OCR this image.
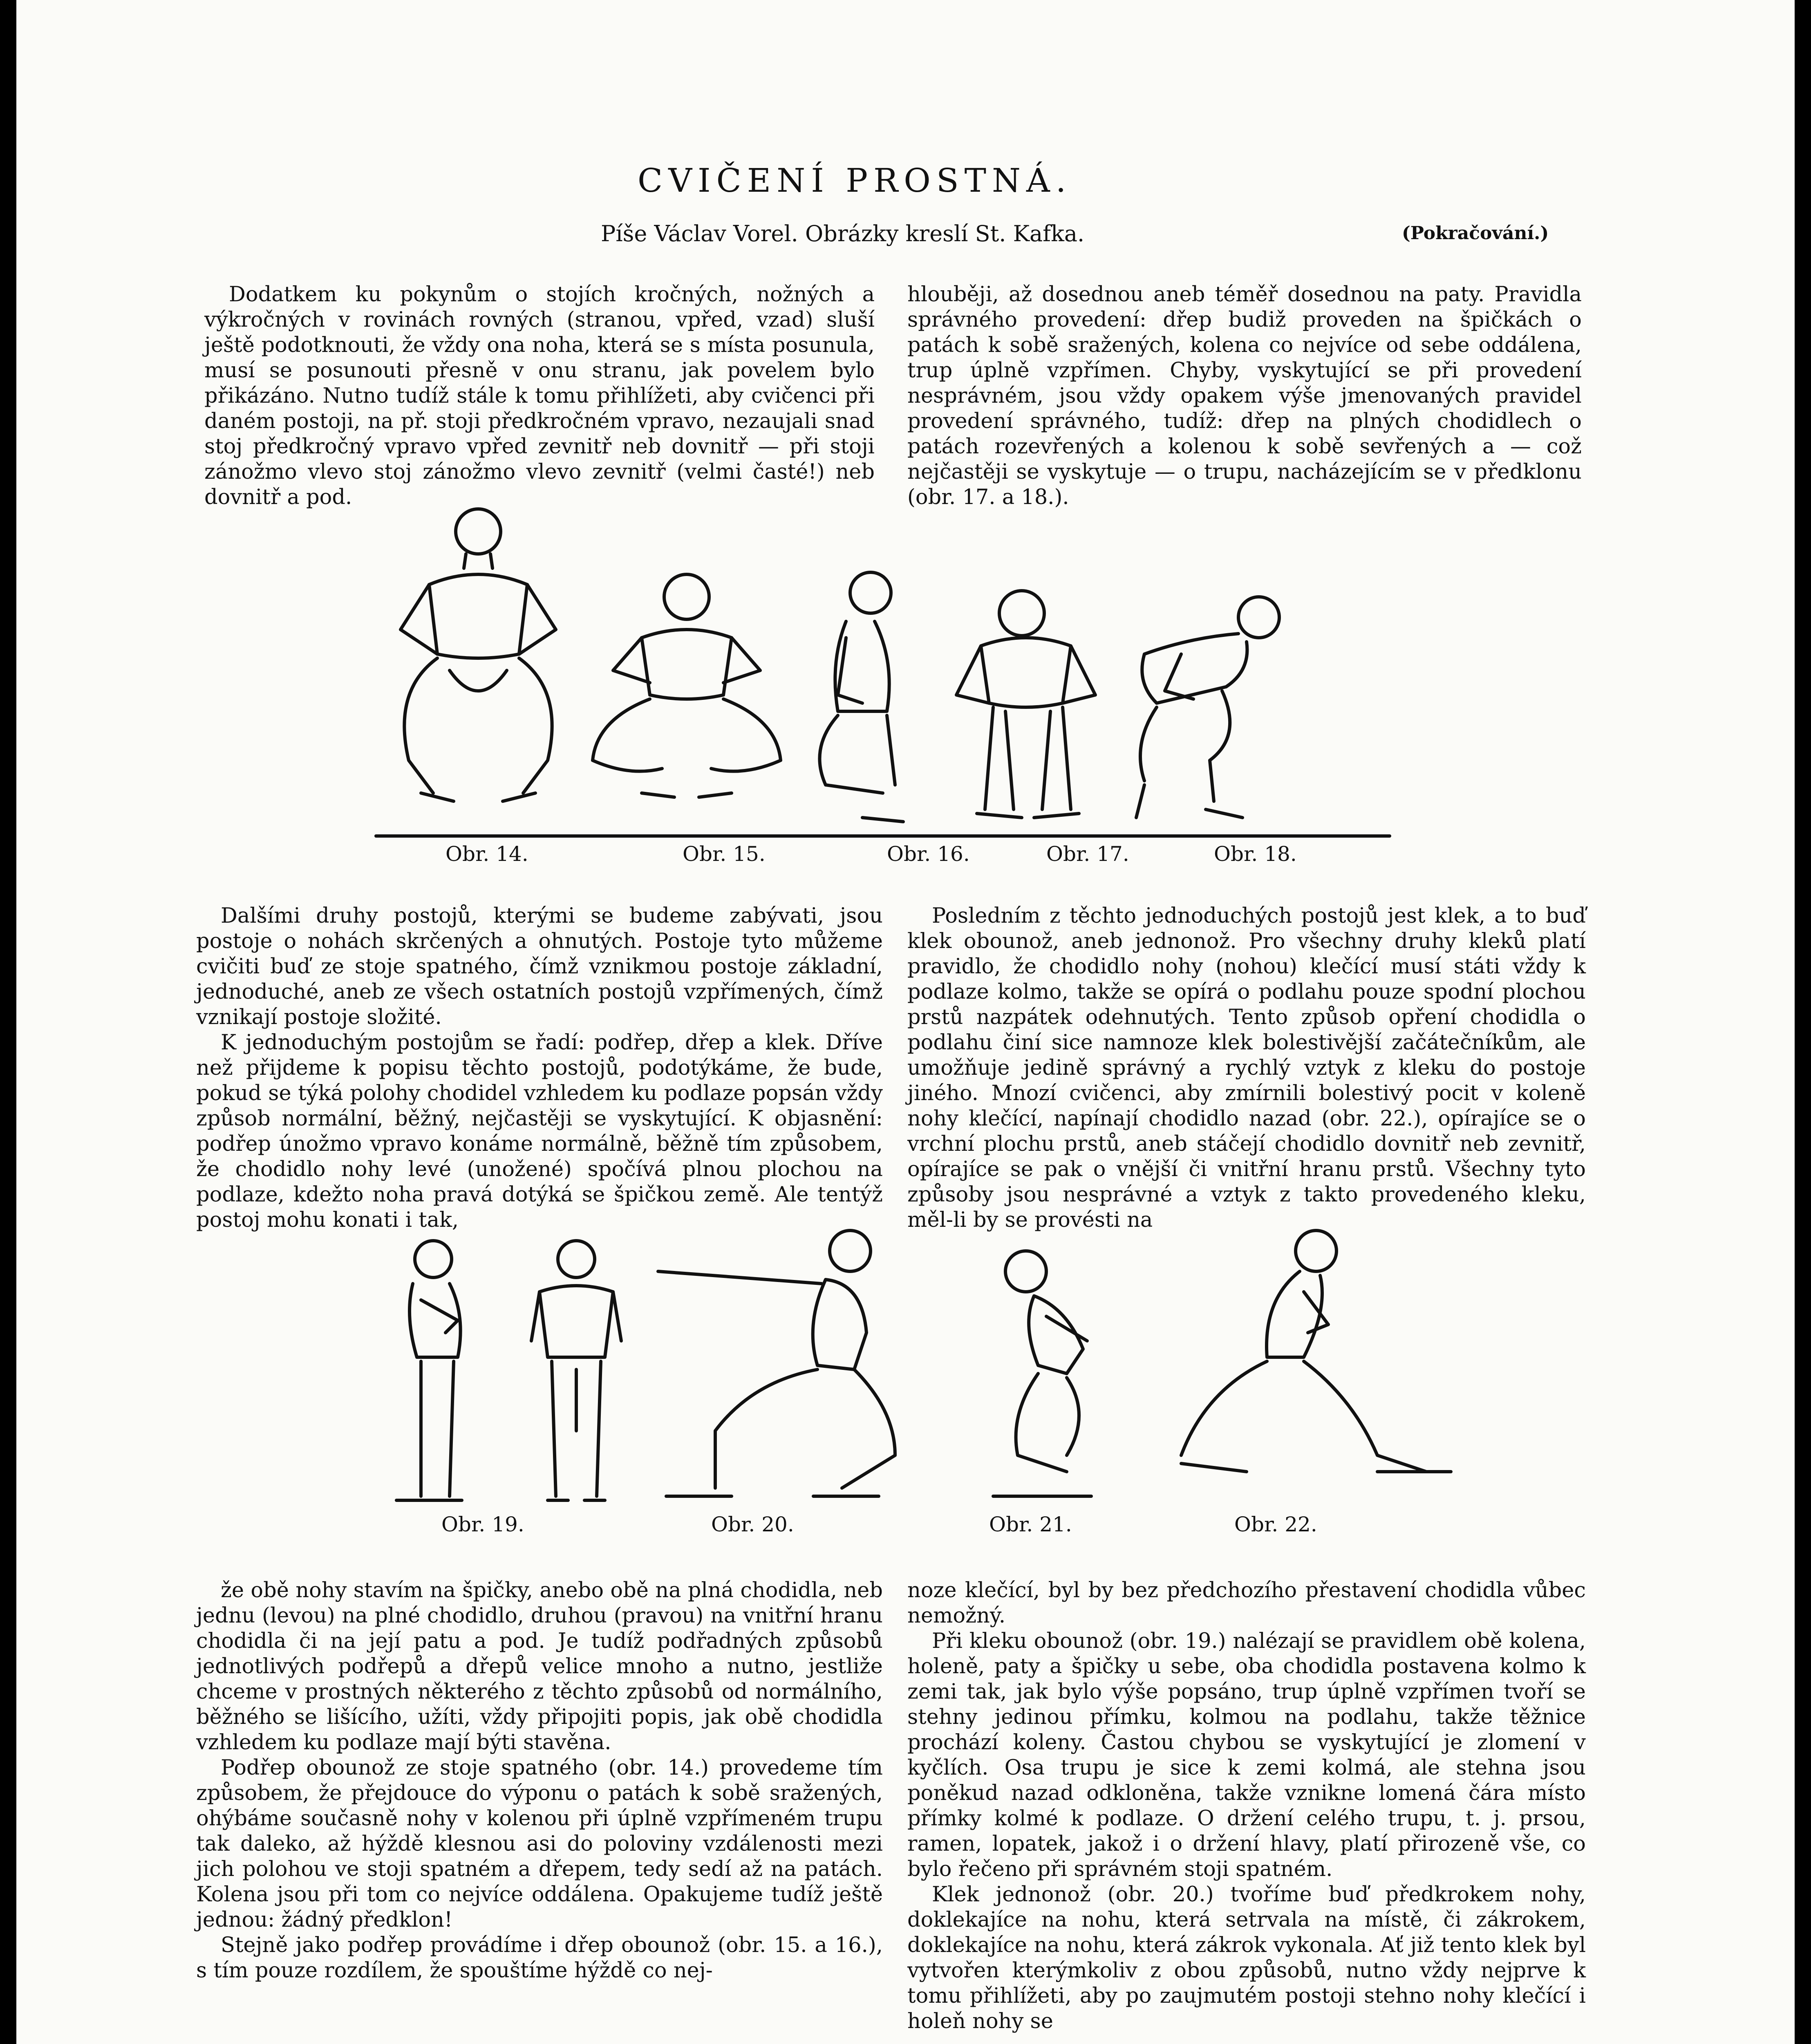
CVIČENÍ PROSTNÁ.
Píše Václav Vorel. Obrázky kreslí St. Kafka.	(Pokračování.)

Dodatkem ku pokynům o stojích kročných, nožných a výkročných v rovinách rovných (stranou, vpřed, vzad) sluší ještě podotknouti, že vždy ona noha, která se s místa posunula, musí se posunouti přesně v onu stranu, jak povelem bylo přikázáno. Nutno tudíž stále k tomu přihlížeti, aby cvičenci při daném postoji, na př. stoji předkročném vpravo, nezaujali snad stoj předkročný vpravo vpřed zevnitř neb dovnitř — při stoji zánožmo vlevo stoj zánožmo vlevo zevnitř (velmi časté!) neb dovnitř a pod.

hlouběji, až dosednou aneb téměř dosednou na paty. Pravidla správného provedení: dřep budiž proveden na špičkách o patách k sobě sražených, kolena co nejvíce od sebe oddálena, trup úplně vzpřímen. Chyby, vyskytující se při provedení nesprávném, jsou vždy opakem výše jmenovaných pravidel provedení správného, tudíž: dřep na plných chodidlech o patách rozevřených a kolenou k sobě sevřených a — což nejčastěji se vyskytuje — o trupu, nacházejícím se v předklonu (obr. 17. a 18.).

Obr. 14.	Obr. 15.	Obr. 16.	Obr. 17.	Obr. 18.

Dalšími druhy postojů, kterými se budeme zabývati, jsou postoje o nohách skrčených a ohnutých. Postoje tyto můžeme cvičiti buď ze stoje spatného, čímž vznikmou postoje základní, jednoduché, aneb ze všech ostatních postojů vzpřímených, čímž vznikají postoje složité.

K jednoduchým postojům se řadí: podřep, dřep a klek. Dříve než přijdeme k popisu těchto postojů, podotýkáme, že bude, pokud se týká polohy chodidel vzhledem ku podlaze popsán vždy způsob normální, běžný, nejčastěji se vyskytující. K objasnění: podřep únožmo vpravo konáme normálně, běžně tím způsobem, že chodidlo nohy levé (unožené) spočívá plnou plochou na podlaze, kdežto noha pravá dotýká se špičkou země. Ale tentýž postoj mohu konati i tak,

Posledním z těchto jednoduchých postojů jest klek, a to buď klek obounož, aneb jednonož. Pro všechny druhy kleků platí pravidlo, že chodidlo nohy (nohou) klečící musí státi vždy k podlaze kolmo, takže se opírá o podlahu pouze spodní plochou prstů nazpátek odehnutých. Tento způsob opření chodidla o podlahu činí sice namnoze klek bolestivější začátečníkům, ale umožňuje jedině správný a rychlý vztyk z kleku do postoje jiného. Mnozí cvičenci, aby zmírnili bolestivý pocit v koleně nohy klečící, napínají chodidlo nazad (obr. 22.), opírajíce se o vrchní plochu prstů, aneb stáčejí chodidlo dovnitř neb zevnitř, opírajíce se pak o vnější či vnitřní hranu prstů. Všechny tyto způsoby jsou nesprávné a vztyk z takto provedeného kleku, měl-li by se provésti na

Obr. 19.	Obr. 20.	Obr. 21.	Obr. 22.

že obě nohy stavím na špičky, anebo obě na plná chodidla, neb jednu (levou) na plné chodidlo, druhou (pravou) na vnitřní hranu chodidla či na její patu a pod. Je tudíž podřadných způsobů jednotlivých podřepů a dřepů velice mnoho a nutno, jestliže chceme v prostných některého z těchto způsobů od normálního, běžného se lišícího, užíti, vždy připojiti popis, jak obě chodidla vzhledem ku podlaze mají býti stavěna.

Podřep obounož ze stoje spatného (obr. 14.) provedeme tím způsobem, že přejdouce do výponu o patách k sobě sražených, ohýbáme současně nohy v kolenou při úplně vzpřímeném trupu tak daleko, až hýždě klesnou asi do poloviny vzdálenosti mezi jich polohou ve stoji spatném a dřepem, tedy sedí až na patách. Kolena jsou při tom co nejvíce oddálena. Opakujeme tudíž ještě jednou: žádný předklon!

Stejně jako podřep provádíme i dřep obounož (obr. 15. a 16.), s tím pouze rozdílem, že spouštíme hýždě co nej-

noze klečící, byl by bez předchozího přestavení chodidla vůbec nemožný.

Při kleku obounož (obr. 19.) nalézají se pravidlem obě kolena, holeně, paty a špičky u sebe, oba chodidla postavena kolmo k zemi tak, jak bylo výše popsáno, trup úplně vzpřímen tvoří se stehny jedinou přímku, kolmou na podlahu, takže těžnice prochází koleny. Častou chybou se vyskytující je zlomení v kyčlích. Osa trupu je sice k zemi kolmá, ale stehna jsou poněkud nazad odkloněna, takže vznikne lomená čára místo přímky kolmé k podlaze. O držení celého trupu, t. j. prsou, ramen, lopatek, jakož i o držení hlavy, platí přirozeně vše, co bylo řečeno při správném stoji spatném.

Klek jednonož (obr. 20.) tvoříme buď předkrokem nohy, doklekajíce na nohu, která setrvala na místě, či zákrokem, doklekajíce na nohu, která zákrok vykonala. Ať již tento klek byl vytvořen kterýmkoliv z obou způsobů, nutno vždy nejprve k tomu přihlížeti, aby po zaujmutém postoji stehno nohy klečící i holeň nohy se
